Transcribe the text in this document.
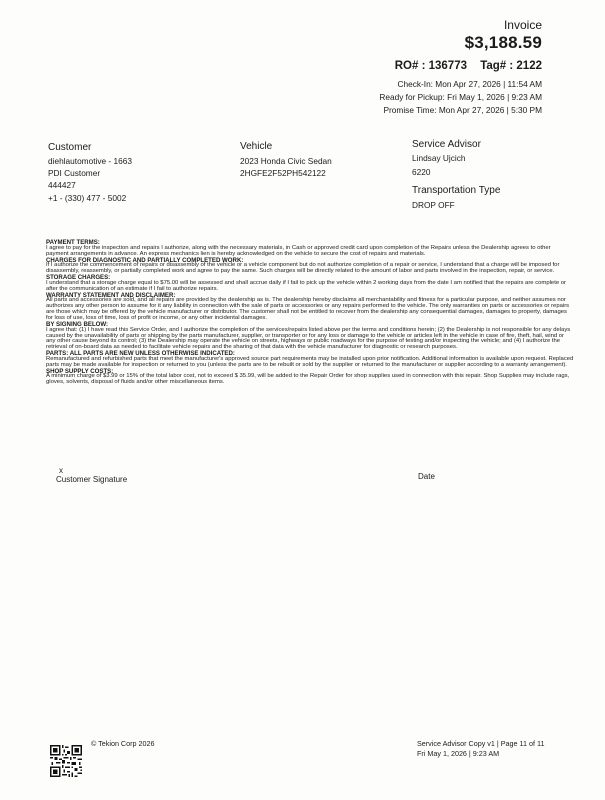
Invoice
$3,188.59
RO# : 136773 Tag# : 2122
Check-In: Mon Apr 27, 2026 | 11:54 AM
Ready for Pickup: Fri May 1, 2026 | 9:23 AM
Promise Time: Mon Apr 27, 2026 | 5:30 PM
Customer
diehlautomotive - 1663
PDI Customer
444427
+1 - (330) 477 - 5002
Vehicle
2023 Honda Civic Sedan
2HGFE2F52PH542122
Service Advisor
Lindsay Ujcich
6220
Transportation Type
DROP OFF
PAYMENT TERMS:
I agree to pay for the inspection and repairs I authorize, along with the necessary materials, in Cash or approved credit card upon completion of the Repairs unless the Dealership agrees to other payment arrangements in advance. An express mechanics lien is hereby acknowledged on the vehicle to secure the cost of repairs and materials.
CHARGES FOR DIAGNOSTIC AND PARTIALLY COMPLETED WORK:
If I authorize the commencement of repairs or disassembly of the vehicle or a vehicle component but do not authorize completion of a repair or service, I understand that a charge will be imposed for disassembly, reassembly, or partially completed work and agree to pay the same. Such charges will be directly related to the amount of labor and parts involved in the inspection, repair, or service.
STORAGE CHARGES:
I understand that a storage charge equal to $75.00 will be assessed and shall accrue daily if I fail to pick up the vehicle within 2 working days from the date I am notified that the repairs are complete or after the communication of an estimate if I fail to authorize repairs.
WARRANTY STATEMENT AND DISCLAIMER:
All parts and accessories are sold, and all repairs are provided by the dealership as is. The dealership hereby disclaims all merchantability and fitness for a particular purpose, and neither assumes nor authorizes any other person to assume for it any liability in connection with the sale of parts or accessories or any repairs performed to the vehicle. The only warranties on parts or accessories or repairs are those which may be offered by the vehicle manufacturer or distributor. The customer shall not be entitled to recover from the dealership any consequential damages, damages to property, damages for loss of use, loss of time, loss of profit or income, or any other incidental damages.
BY SIGNING BELOW:
I agree that: (1) I have read this Service Order, and I authorize the completion of the services/repairs listed above per the terms and conditions herein; (2) the Dealership is not responsible for any delays caused by the unavailability of parts or shipping by the parts manufacturer, supplier, or transporter or for any loss or damage to the vehicle or articles left in the vehicle in case of fire, theft, hail, wind or any other cause beyond its control; (3) the Dealership may operate the vehicle on streets, highways or public roadways for the purpose of testing and/or inspecting the vehicle; and (4) I authorize the retrieval of on-board data as needed to facilitate vehicle repairs and the sharing of that data with the vehicle manufacturer for diagnostic or research purposes.
PARTS: ALL PARTS ARE NEW UNLESS OTHERWISE INDICATED:
Remanufactured and refurbished parts that meet the manufacturer's approved source part requirements may be installed upon prior notification. Additional information is available upon request. Replaced parts may be made available for inspection or returned to you (unless the parts are to be rebuilt or sold by the supplier or returned to the manufacturer or supplier according to a warranty arrangement).
SHOP SUPPLY COSTS:
A minimum charge of $3.99 or 15% of the total labor cost, not to exceed $ 35.99, will be added to the Repair Order for shop supplies used in connection with this repair. Shop Supplies may include rags, gloves, solvents, disposal of fluids and/or other miscellaneous items.
x
Customer Signature	Date
© Tekion Corp 2026	Service Advisor Copy v1 | Page 11 of 11
Fri May 1, 2026 | 9:23 AM
